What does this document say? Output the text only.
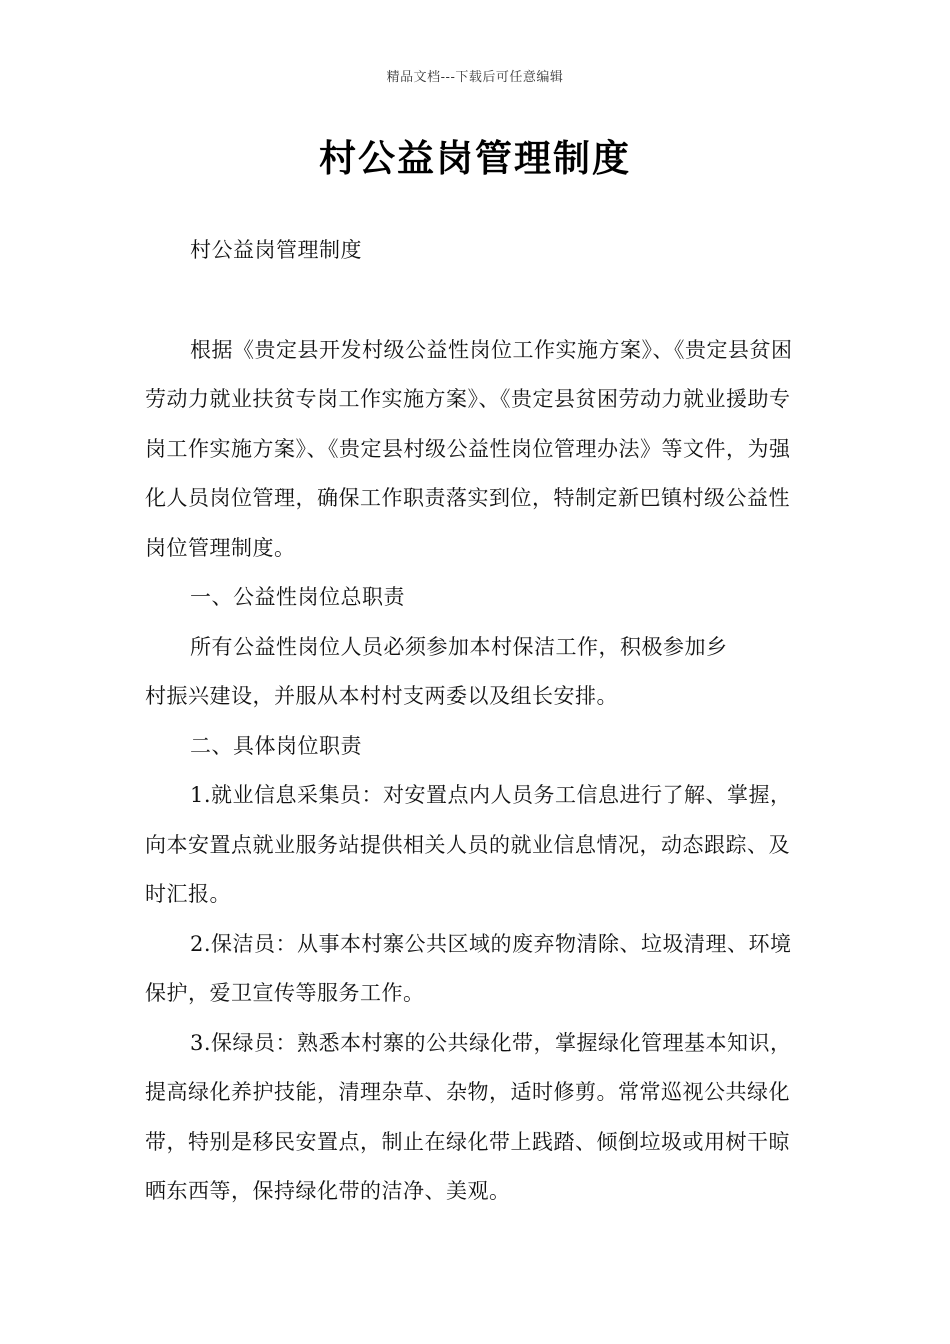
精品文档---下载后可任意编辑
村公益岗管理制度

村公益岗管理制度

根据《贵定县开发村级公益性岗位工作实施方案》、《贵定县贫困劳动力就业扶贫专岗工作实施方案》、《贵定县贫困劳动力就业援助专岗工作实施方案》、《贵定县村级公益性岗位管理办法》等文件，为强化人员岗位管理，确保工作职责落实到位，特制定新巴镇村级公益性岗位管理制度。

一、公益性岗位总职责

所有公益性岗位人员必须参加本村保洁工作，积极参加乡

村振兴建设，并服从本村村支两委以及组长安排。

二、具体岗位职责

1.就业信息采集员：对安置点内人员务工信息进行了解、掌握，向本安置点就业服务站提供相关人员的就业信息情况，动态跟踪、及时汇报。

2.保洁员：从事本村寨公共区域的废弃物清除、垃圾清理、环境保护，爱卫宣传等服务工作。

3.保绿员：熟悉本村寨的公共绿化带，掌握绿化管理基本知识，提高绿化养护技能，清理杂草、杂物，适时修剪。常常巡视公共绿化带，特别是移民安置点，制止在绿化带上践踏、倾倒垃圾或用树干晾晒东西等，保持绿化带的洁净、美观。
